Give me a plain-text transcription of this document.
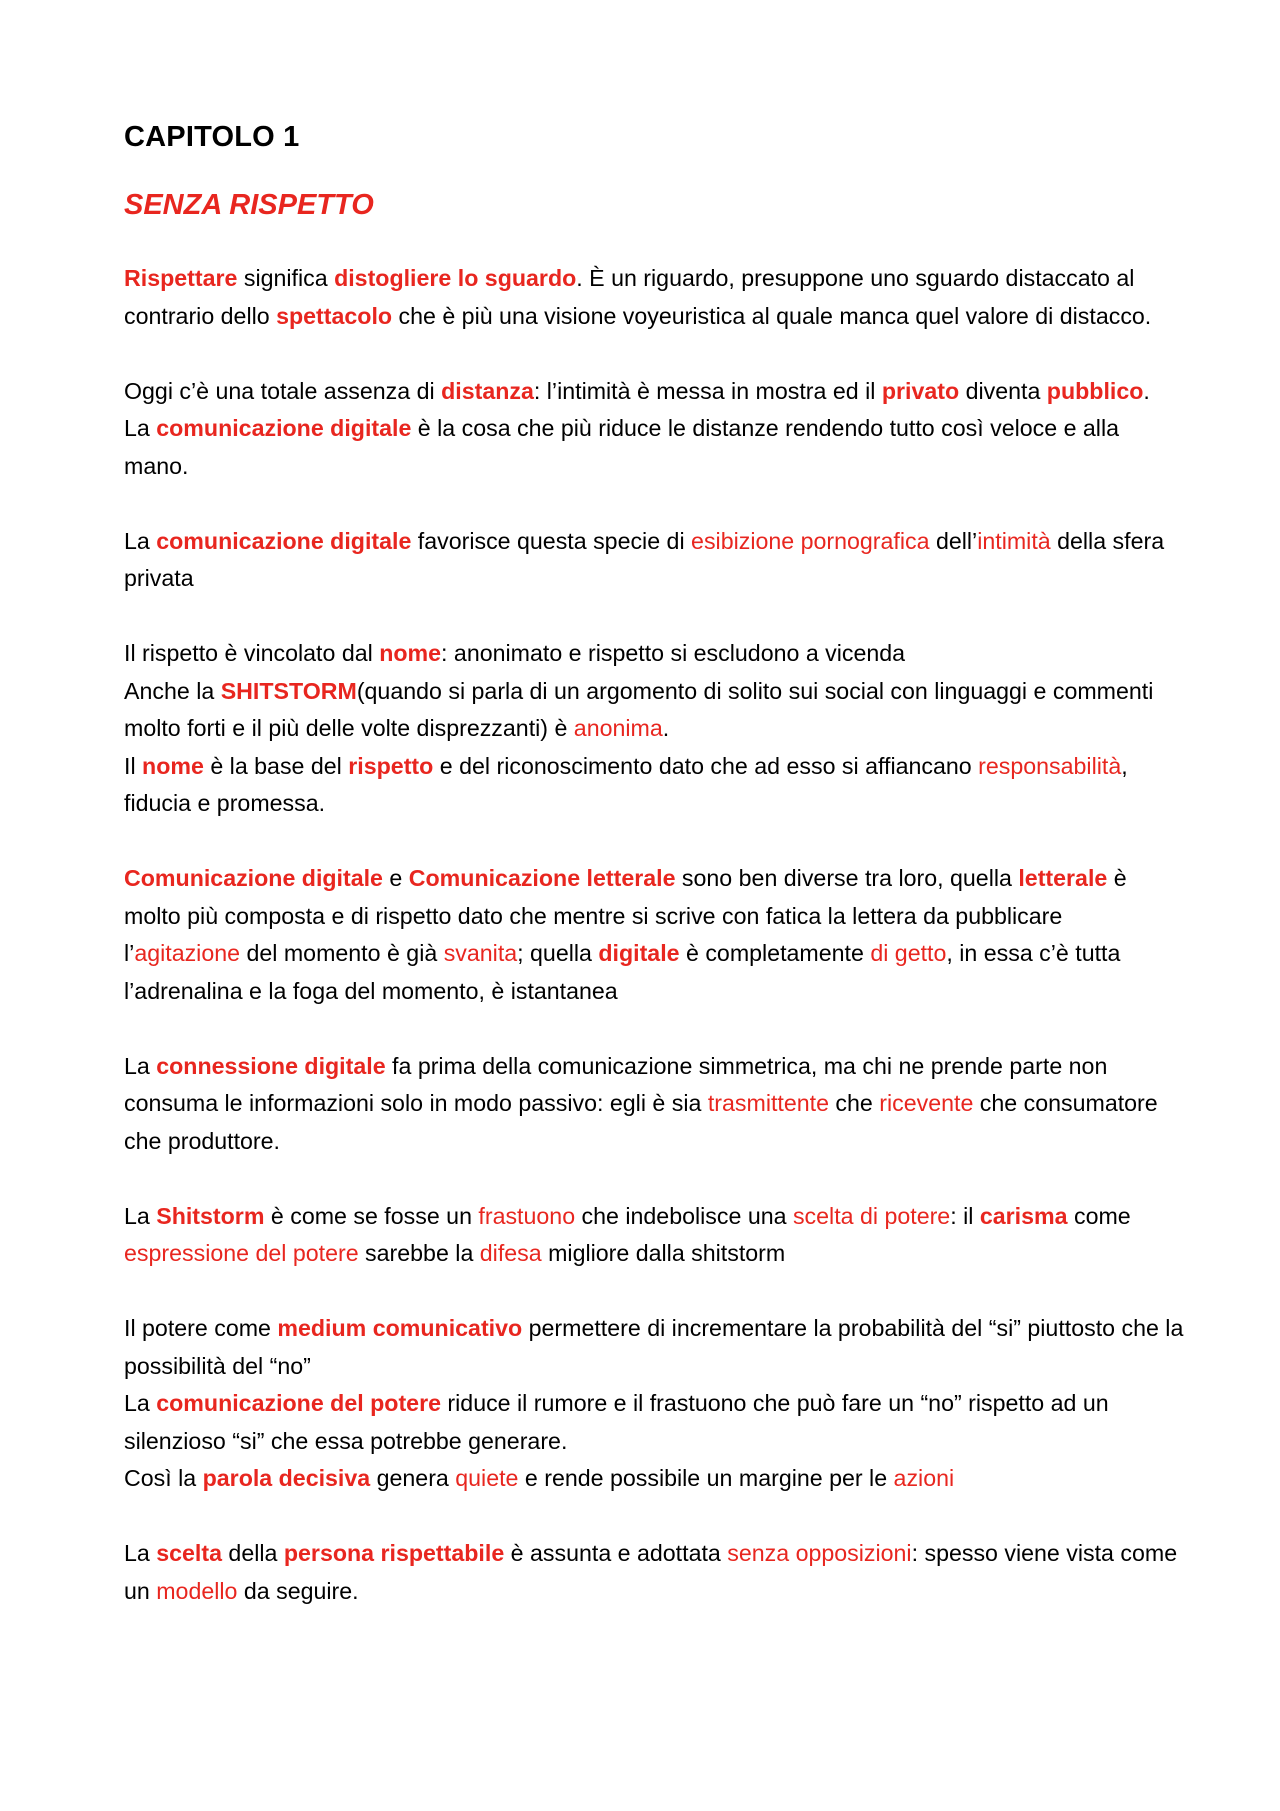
CAPITOLO 1
SENZA RISPETTO

Rispettare significa distogliere lo sguardo. È un riguardo, presuppone uno sguardo distaccato al contrario dello spettacolo che è più una visione voyeuristica al quale manca quel valore di distacco.

Oggi c’è una totale assenza di distanza: l’intimità è messa in mostra ed il privato diventa pubblico.

La comunicazione digitale è la cosa che più riduce le distanze rendendo tutto così veloce e alla mano.

La comunicazione digitale favorisce questa specie di esibizione pornografica dell’intimità della sfera privata

Il rispetto è vincolato dal nome: anonimato e rispetto si escludono a vicenda

Anche la SHITSTORM(quando si parla di un argomento di solito sui social con linguaggi e commenti molto forti e il più delle volte disprezzanti) è anonima.

Il nome è la base del rispetto e del riconoscimento dato che ad esso si affiancano responsabilità, fiducia e promessa.

Comunicazione digitale e Comunicazione letterale sono ben diverse tra loro, quella letterale è molto più composta e di rispetto dato che mentre si scrive con fatica la lettera da pubblicare l’agitazione del momento è già svanita; quella digitale è completamente di getto, in essa c’è tutta l’adrenalina e la foga del momento, è istantanea

La connessione digitale fa prima della comunicazione simmetrica, ma chi ne prende parte non consuma le informazioni solo in modo passivo: egli è sia trasmittente che ricevente che consumatore che produttore.

La Shitstorm è come se fosse un frastuono che indebolisce una scelta di potere: il carisma come espressione del potere sarebbe la difesa migliore dalla shitstorm

Il potere come medium comunicativo permettere di incrementare la probabilità del “si” piuttosto che la possibilità del “no”

La comunicazione del potere riduce il rumore e il frastuono che può fare un “no” rispetto ad un silenzioso “si” che essa potrebbe generare.

Così la parola decisiva genera quiete e rende possibile un margine per le azioni

La scelta della persona rispettabile è assunta e adottata senza opposizioni: spesso viene vista come un modello da seguire.
